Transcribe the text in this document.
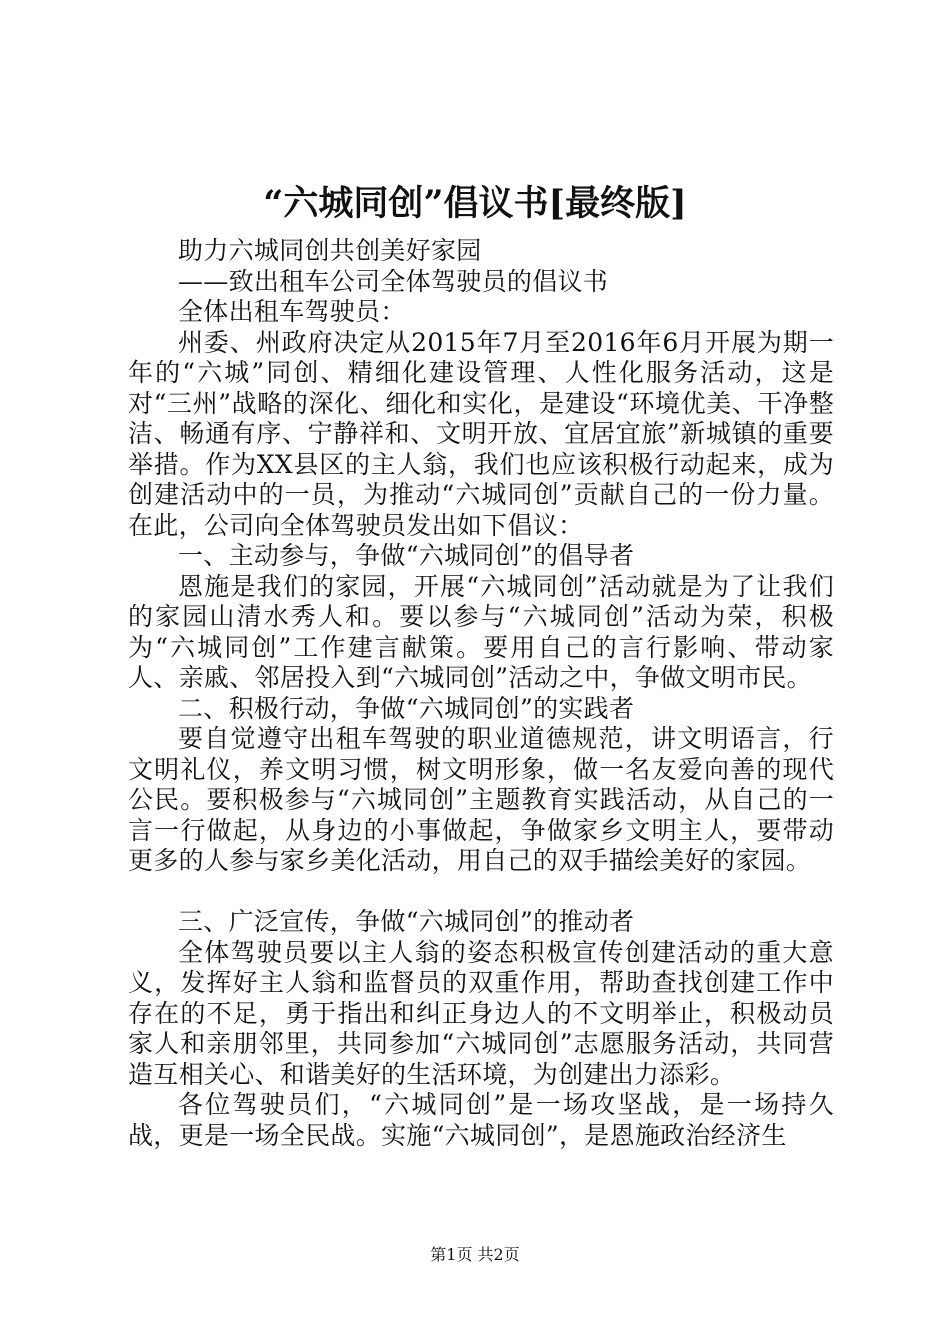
“六城同创”倡议书[最终版]

助力六城同创共创美好家园

——致出租车公司全体驾驶员的倡议书

全体出租车驾驶员：

州委、州政府决定从2015年7月至2016年6月开展为期一年的“六城”同创、精细化建设管理、人性化服务活动，这是对“三州”战略的深化、细化和实化，是建设“环境优美、干净整洁、畅通有序、宁静祥和、文明开放、宜居宜旅”新城镇的重要举措。作为XX县区的主人翁，我们也应该积极行动起来，成为创建活动中的一员，为推动“六城同创”贡献自己的一份力量。在此，公司向全体驾驶员发出如下倡议：

一、主动参与，争做“六城同创”的倡导者

恩施是我们的家园，开展“六城同创”活动就是为了让我们的家园山清水秀人和。要以参与“六城同创”活动为荣，积极为“六城同创”工作建言献策。要用自己的言行影响、带动家人、亲戚、邻居投入到“六城同创”活动之中，争做文明市民。

二、积极行动，争做“六城同创”的实践者

要自觉遵守出租车驾驶的职业道德规范，讲文明语言，行文明礼仪，养文明习惯，树文明形象，做一名友爱向善的现代公民。要积极参与“六城同创”主题教育实践活动，从自己的一言一行做起，从身边的小事做起，争做家乡文明主人，要带动更多的人参与家乡美化活动，用自己的双手描绘美好的家园。

三、广泛宣传，争做“六城同创”的推动者

全体驾驶员要以主人翁的姿态积极宣传创建活动的重大意义，发挥好主人翁和监督员的双重作用，帮助查找创建工作中存在的不足，勇于指出和纠正身边人的不文明举止，积极动员家人和亲朋邻里，共同参加“六城同创”志愿服务活动，共同营造互相关心、和谐美好的生活环境，为创建出力添彩。

各位驾驶员们，“六城同创”是一场攻坚战，是一场持久战，更是一场全民战。实施“六城同创”，是恩施政治经济生

第1页 共2页
